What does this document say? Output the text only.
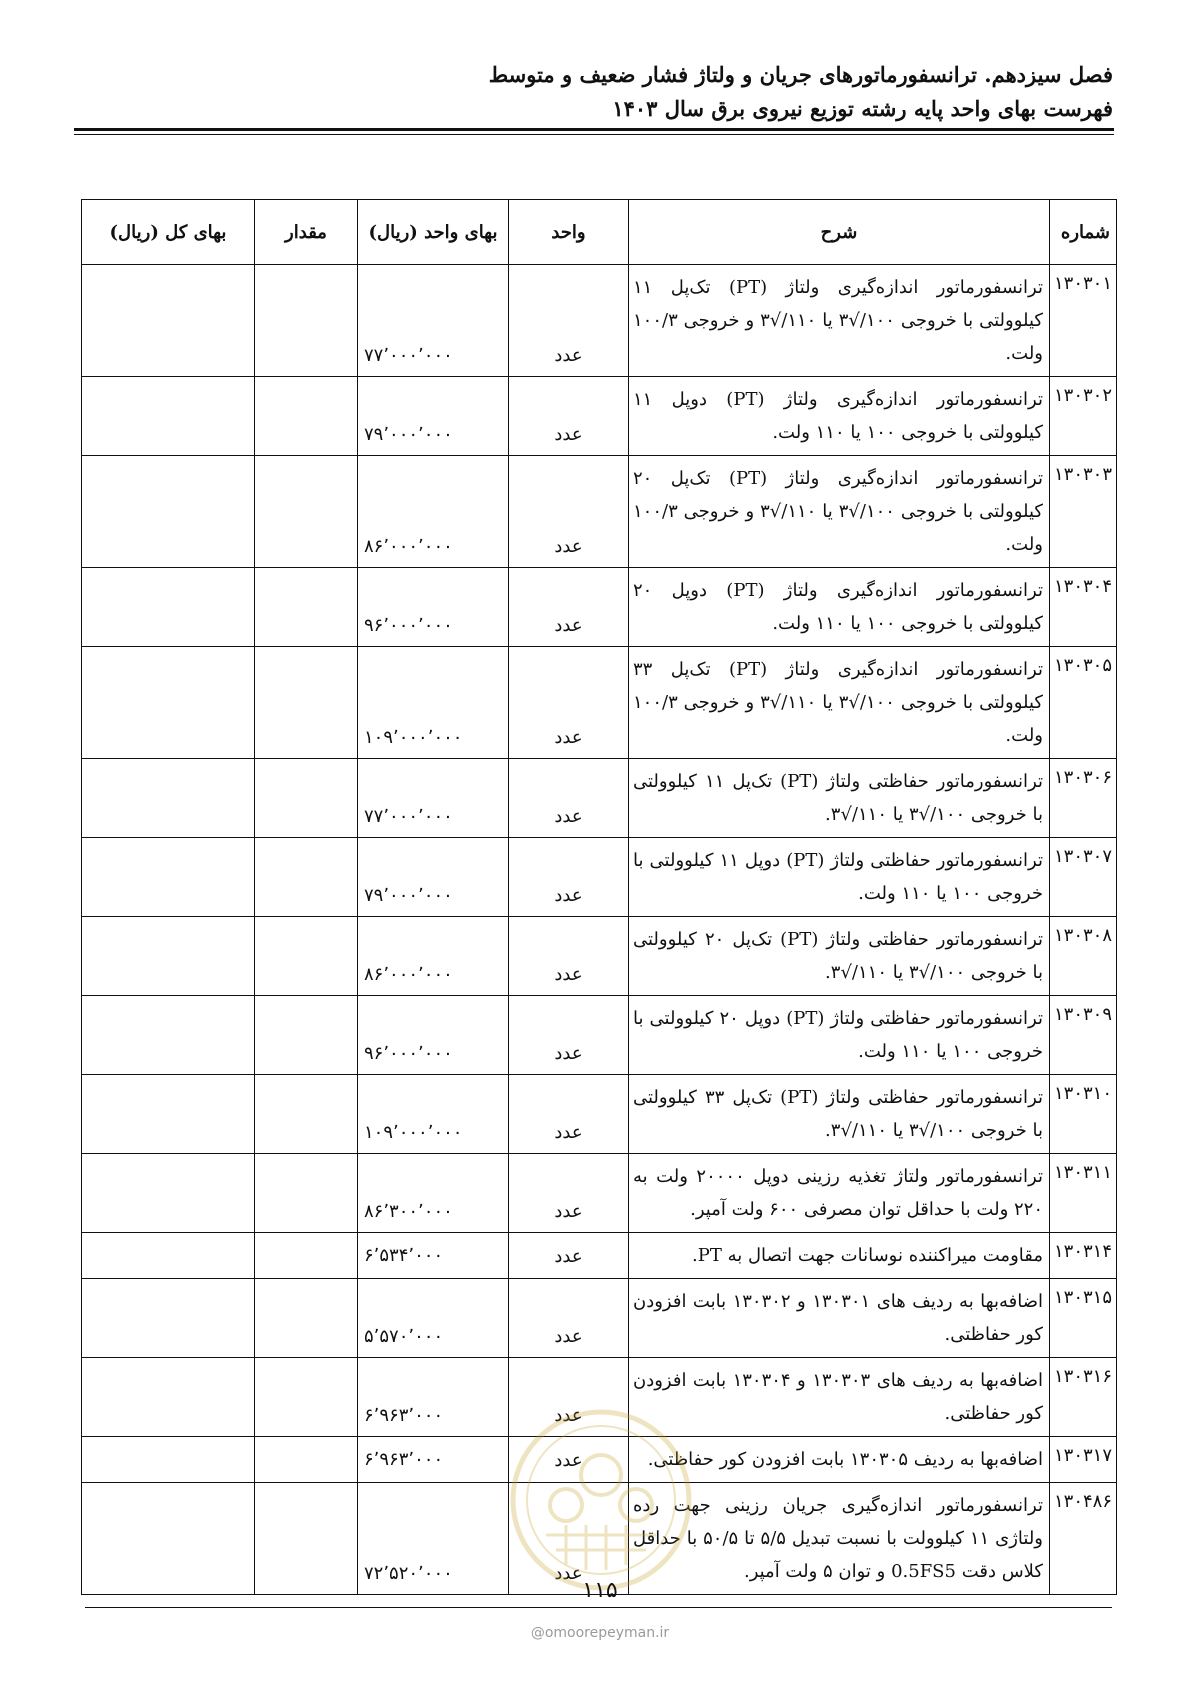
فصل سیزدهم. ترانسفورماتورهای جریان و ولتاژ فشار ضعیف و متوسط
فهرست بهای واحد پایه رشته توزیع نیروی برق سال ۱۴۰۳
شماره	شرح	واحد	بهای واحد (ریال)	مقدار	بهای کل (ریال)
۱۳۰۳۰۱	ترانسفورماتور اندازه‌گیری ولتاژ (PT) تک‌پل ۱۱ کیلوولتی با خروجی ۱۰۰/√۳ یا ۱۱۰/√۳ و خروجی ۱۰۰/۳ ولت.	عدد	۷۷٬۰۰۰٬۰۰۰		
۱۳۰۳۰۲	ترانسفورماتور اندازه‌گیری ولتاژ (PT) دوپل ۱۱ کیلوولتی با خروجی ۱۰۰ یا ۱۱۰ ولت.	عدد	۷۹٬۰۰۰٬۰۰۰		
۱۳۰۳۰۳	ترانسفورماتور اندازه‌گیری ولتاژ (PT) تک‌پل ۲۰ کیلوولتی با خروجی ۱۰۰/√۳ یا ۱۱۰/√۳ و خروجی ۱۰۰/۳ ولت.	عدد	۸۶٬۰۰۰٬۰۰۰		
۱۳۰۳۰۴	ترانسفورماتور اندازه‌گیری ولتاژ (PT) دوپل ۲۰ کیلوولتی با خروجی ۱۰۰ یا ۱۱۰ ولت.	عدد	۹۶٬۰۰۰٬۰۰۰		
۱۳۰۳۰۵	ترانسفورماتور اندازه‌گیری ولتاژ (PT) تک‌پل ۳۳ کیلوولتی با خروجی ۱۰۰/√۳ یا ۱۱۰/√۳ و خروجی ۱۰۰/۳ ولت.	عدد	۱۰۹٬۰۰۰٬۰۰۰		
۱۳۰۳۰۶	ترانسفورماتور حفاظتی ولتاژ (PT) تک‌پل ۱۱ کیلوولتی با خروجی ۱۰۰/√۳ یا ۱۱۰/√۳.	عدد	۷۷٬۰۰۰٬۰۰۰		
۱۳۰۳۰۷	ترانسفورماتور حفاظتی ولتاژ (PT) دوپل ۱۱ کیلوولتی با خروجی ۱۰۰ یا ۱۱۰ ولت.	عدد	۷۹٬۰۰۰٬۰۰۰		
۱۳۰۳۰۸	ترانسفورماتور حفاظتی ولتاژ (PT) تک‌پل ۲۰ کیلوولتی با خروجی ۱۰۰/√۳ یا ۱۱۰/√۳.	عدد	۸۶٬۰۰۰٬۰۰۰		
۱۳۰۳۰۹	ترانسفورماتور حفاظتی ولتاژ (PT) دوپل ۲۰ کیلوولتی با خروجی ۱۰۰ یا ۱۱۰ ولت.	عدد	۹۶٬۰۰۰٬۰۰۰		
۱۳۰۳۱۰	ترانسفورماتور حفاظتی ولتاژ (PT) تک‌پل ۳۳ کیلوولتی با خروجی ۱۰۰/√۳ یا ۱۱۰/√۳.	عدد	۱۰۹٬۰۰۰٬۰۰۰		
۱۳۰۳۱۱	ترانسفورماتور ولتاژ تغذیه رزینی دوپل ۲۰۰۰۰ ولت به ۲۲۰ ولت با حداقل توان مصرفی ۶۰۰ ولت آمپر.	عدد	۸۶٬۳۰۰٬۰۰۰		
۱۳۰۳۱۴	مقاومت میراکننده نوسانات جهت اتصال به PT.	عدد	۶٬۵۳۴٬۰۰۰		
۱۳۰۳۱۵	اضافه‌بها به ردیف های ۱۳۰۳۰۱ و ۱۳۰۳۰۲ بابت افزودن کور حفاظتی.	عدد	۵٬۵۷۰٬۰۰۰		
۱۳۰۳۱۶	اضافه‌بها به ردیف های ۱۳۰۳۰۳ و ۱۳۰۳۰۴ بابت افزودن کور حفاظتی.	عدد	۶٬۹۶۳٬۰۰۰		
۱۳۰۳۱۷	اضافه‌بها به ردیف ۱۳۰۳۰۵ بابت افزودن کور حفاظتی.	عدد	۶٬۹۶۳٬۰۰۰		
۱۳۰۴۸۶	ترانسفورماتور اندازه‌گیری جریان رزینی جهت رده ولتاژی ۱۱ کیلوولت با نسبت تبدیل ۵/۵ تا ۵۰/۵ با حداقل کلاس دقت 0.5FS5 و توان ۵ ولت آمپر.	عدد	۷۲٬۵۲۰٬۰۰۰		
۱۱۵
@omoorepeyman.ir
